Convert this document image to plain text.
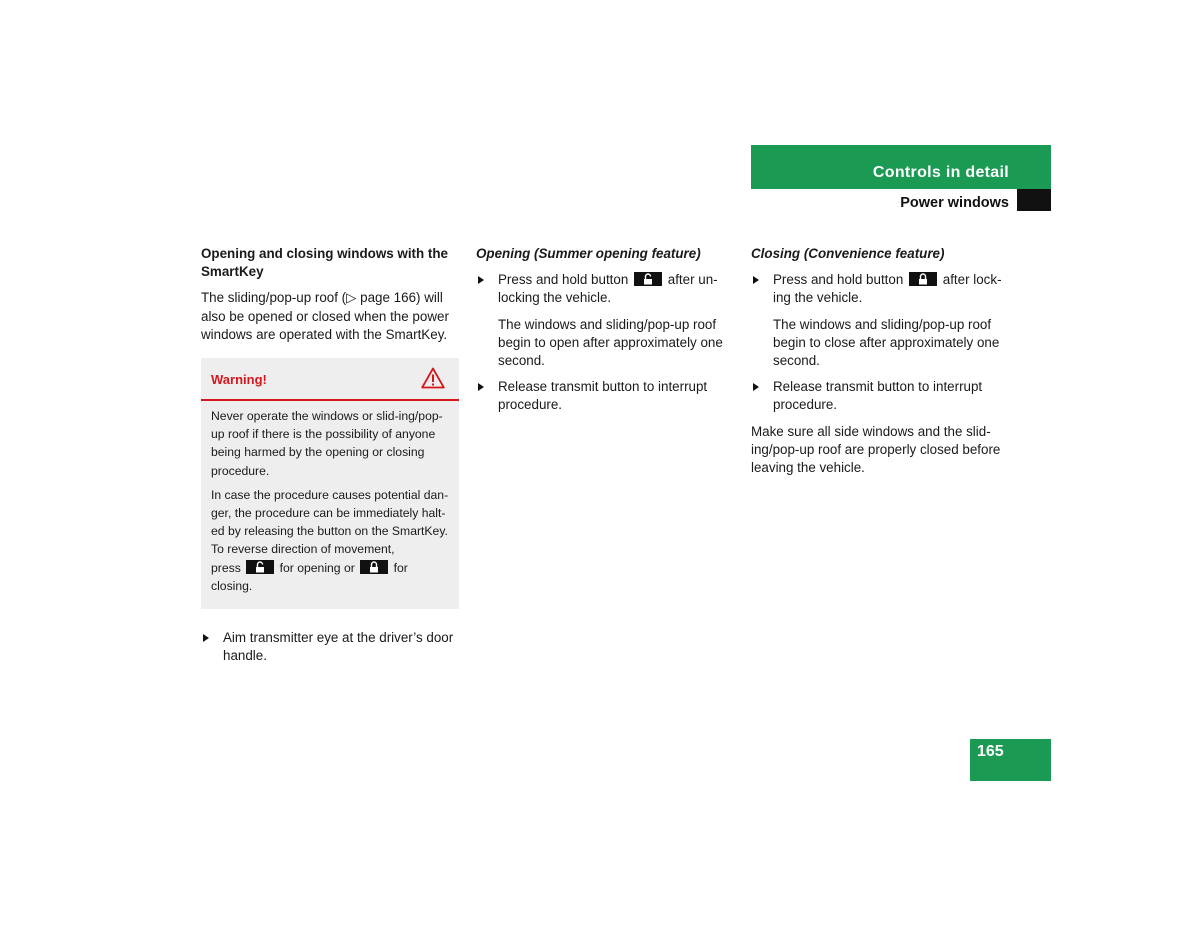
Controls in detail
Power windows

Opening and closing windows with the SmartKey

The sliding/pop-up roof (▷ page 166) will also be opened or closed when the power windows are operated with the SmartKey.

Warning!

Never operate the windows or slid-ing/pop-up roof if there is the possibility of anyone being harmed by the opening or closing procedure.

In case the procedure causes potential dan-ger, the procedure can be immediately halt-ed by releasing the button on the SmartKey. To reverse direction of movement,
press	for opening or	for closing.

Aim transmitter eye at the driver’s door handle.

Opening (Summer opening feature)

Press and hold button	after un-locking the vehicle.

The windows and sliding/pop-up roof begin to open after approximately one second.

Release transmit button to interrupt procedure.

Closing (Convenience feature)

Press and hold button	after lock-ing the vehicle.

The windows and sliding/pop-up roof begin to close after approximately one second.

Release transmit button to interrupt procedure.

Make sure all side windows and the slid-ing/pop-up roof are properly closed before leaving the vehicle.

165
